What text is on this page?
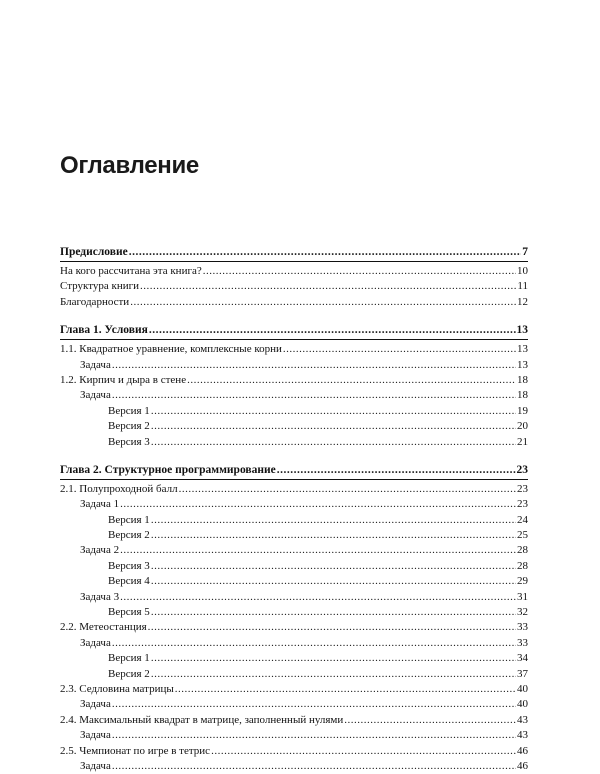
Оглавление
Предисловие .....	7
На кого рассчитана эта книга? .....	10
Структура книги .....	11
Благодарности .....	12
Глава 1. Условия .....	13
1.1. Квадратное уравнение, комплексные корни .....	13
Задача .....	13
1.2. Кирпич и дыра в стене .....	18
Задача .....	18
Версия 1 .....	19
Версия 2 .....	20
Версия 3 .....	21
Глава 2. Структурное программирование .....	23
2.1. Полупроходной балл .....	23
Задача 1 .....	23
Версия 1 .....	24
Версия 2 .....	25
Задача 2 .....	28
Версия 3 .....	28
Версия 4 .....	29
Задача 3 .....	31
Версия 5 .....	32
2.2. Метеостанция .....	33
Задача .....	33
Версия 1 .....	34
Версия 2 .....	37
2.3. Седловина матрицы .....	40
Задача .....	40
2.4. Максимальный квадрат в матрице, заполненный нулями .....	43
Задача .....	43
2.5. Чемпионат по игре в тетрис .....	46
Задача .....	46
